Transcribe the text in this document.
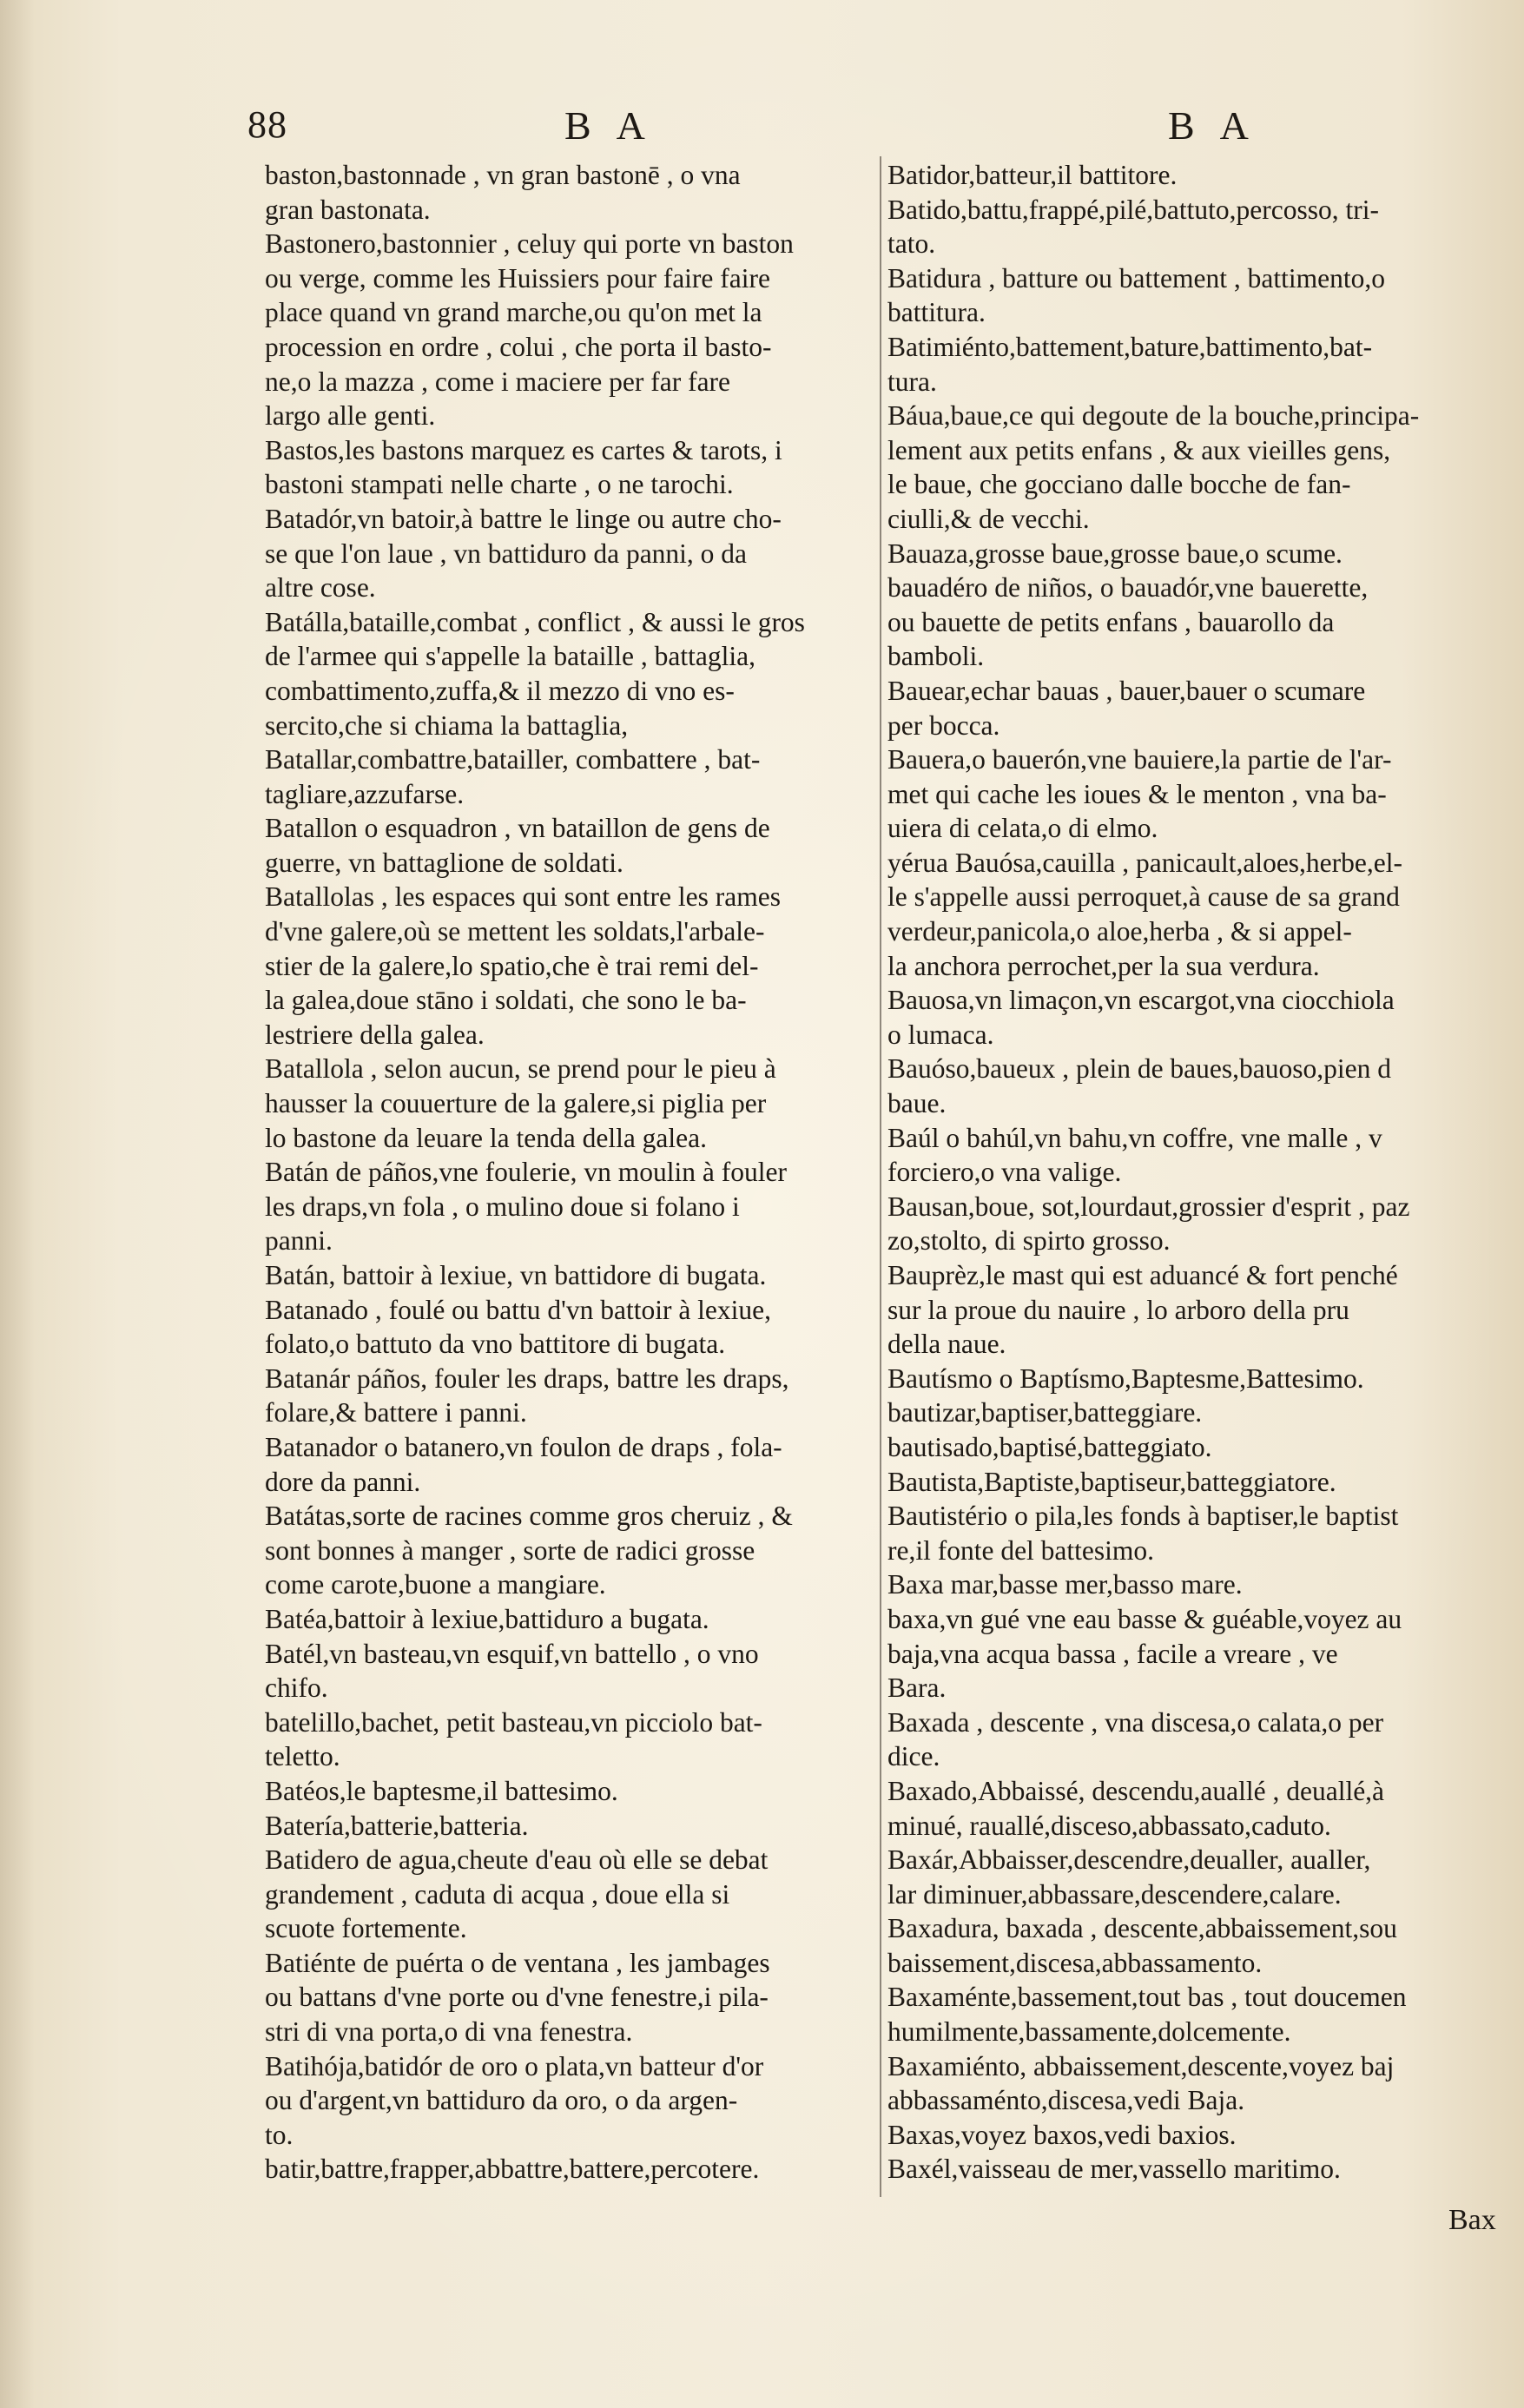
88	B A	B A
baston,bastonnade , vn gran bastonē , o vna
gran bastonata.
Bastonero,bastonnier , celuy qui porte vn baston
ou verge, comme les Huissiers pour faire faire
place quand vn grand marche,ou qu'on met la
procession en ordre , colui , che porta il basto-
ne,o la mazza , come i maciere per far fare
largo alle genti.
Bastos,les bastons marquez es cartes & tarots, i
bastoni stampati nelle charte , o ne tarochi.
Batadór,vn batoir,à battre le linge ou autre cho-
se que l'on laue , vn battiduro da panni, o da
altre cose.
Batálla,bataille,combat , conflict , & aussi le gros
de l'armee qui s'appelle la bataille , battaglia,
combattimento,zuffa,& il mezzo di vno es-
sercito,che si chiama la battaglia,
Batallar,combattre,batailler, combattere , bat-
tagliare,azzufarse.
Batallon o esquadron , vn bataillon de gens de
guerre, vn battaglione de soldati.
Batallolas , les espaces qui sont entre les rames
d'vne galere,où se mettent les soldats,l'arbale-
stier de la galere,lo spatio,che è trai remi del-
la galea,doue stāno i soldati, che sono le ba-
lestriere della galea.
Batallola , selon aucun, se prend pour le pieu à
hausser la couuerture de la galere,si piglia per
lo bastone da leuare la tenda della galea.
Batán de páños,vne foulerie, vn moulin à fouler
les draps,vn fola , o mulino doue si folano i
panni.
Batán, battoir à lexiue, vn battidore di bugata.
Batanado , foulé ou battu d'vn battoir à lexiue,
folato,o battuto da vno battitore di bugata.
Batanár páños, fouler les draps, battre les draps,
folare,& battere i panni.
Batanador o batanero,vn foulon de draps , fola-
dore da panni.
Batátas,sorte de racines comme gros cheruiz , &
sont bonnes à manger , sorte de radici grosse
come carote,buone a mangiare.
Batéa,battoir à lexiue,battiduro a bugata.
Batél,vn basteau,vn esquif,vn battello , o vno
chifo.
batelillo,bachet, petit basteau,vn picciolo bat-
teletto.
Batéos,le baptesme,il battesimo.
Batería,batterie,batteria.
Batidero de agua,cheute d'eau où elle se debat
grandement , caduta di acqua , doue ella si
scuote fortemente.
Batiénte de puérta o de ventana , les jambages
ou battans d'vne porte ou d'vne fenestre,i pila-
stri di vna porta,o di vna fenestra.
Batihója,batidór de oro o plata,vn batteur d'or
ou d'argent,vn battiduro da oro, o da argen-
to.
batir,battre,frapper,abbattre,battere,percotere.
Batidor,batteur,il battitore.
Batido,battu,frappé,pilé,battuto,percosso, tri-
tato.
Batidura , batture ou battement , battimento,o
battitura.
Batimiénto,battement,bature,battimento,bat-
tura.
Báua,baue,ce qui degoute de la bouche,principa-
lement aux petits enfans , & aux vieilles gens,
le baue, che gocciano dalle bocche de fan-
ciulli,& de vecchi.
Bauaza,grosse baue,grosse baue,o scume.
bauadéro de niños, o bauadór,vne bauerette,
ou bauette de petits enfans , bauarollo da
bamboli.
Bauear,echar bauas , bauer,bauer o scumare
per bocca.
Bauera,o bauerón,vne bauiere,la partie de l'ar-
met qui cache les ioues & le menton , vna ba-
uiera di celata,o di elmo.
yérua Bauósa,cauilla , panicault,aloes,herbe,el-
le s'appelle aussi perroquet,à cause de sa grand
verdeur,panicola,o aloe,herba , & si appel-
la anchora perrochet,per la sua verdura.
Bauosa,vn limaçon,vn escargot,vna ciocchiola
o lumaca.
Bauóso,baueux , plein de baues,bauoso,pien d
baue.
Baúl o bahúl,vn bahu,vn coffre, vne malle , v
forciero,o vna valige.
Bausan,boue, sot,lourdaut,grossier d'esprit , paz
zo,stolto, di spirto grosso.
Bauprèz,le mast qui est aduancé & fort penché
sur la proue du nauire , lo arboro della pru
della naue.
Bautísmo o Baptísmo,Baptesme,Battesimo.
bautizar,baptiser,batteggiare.
bautisado,baptisé,batteggiato.
Bautista,Baptiste,baptiseur,batteggiatore.
Bautistério o pila,les fonds à baptiser,le baptist
re,il fonte del battesimo.
Baxa mar,basse mer,basso mare.
baxa,vn gué vne eau basse & guéable,voyez au
baja,vna acqua bassa , facile a vreare , ve
Bara.
Baxada , descente , vna discesa,o calata,o per
dice.
Baxado,Abbaissé, descendu,auallé , deuallé,à
minué, rauallé,disceso,abbassato,caduto.
Baxár,Abbaisser,descendre,deualler, aualler,
lar diminuer,abbassare,descendere,calare.
Baxadura, baxada , descente,abbaissement,sou
baissement,discesa,abbassamento.
Baxaménte,bassement,tout bas , tout doucemen
humilmente,bassamente,dolcemente.
Baxamiénto, abbaissement,descente,voyez baj
abbassaménto,discesa,vedi Baja.
Baxas,voyez baxos,vedi baxios.
Baxél,vaisseau de mer,vassello maritimo.
Bax
